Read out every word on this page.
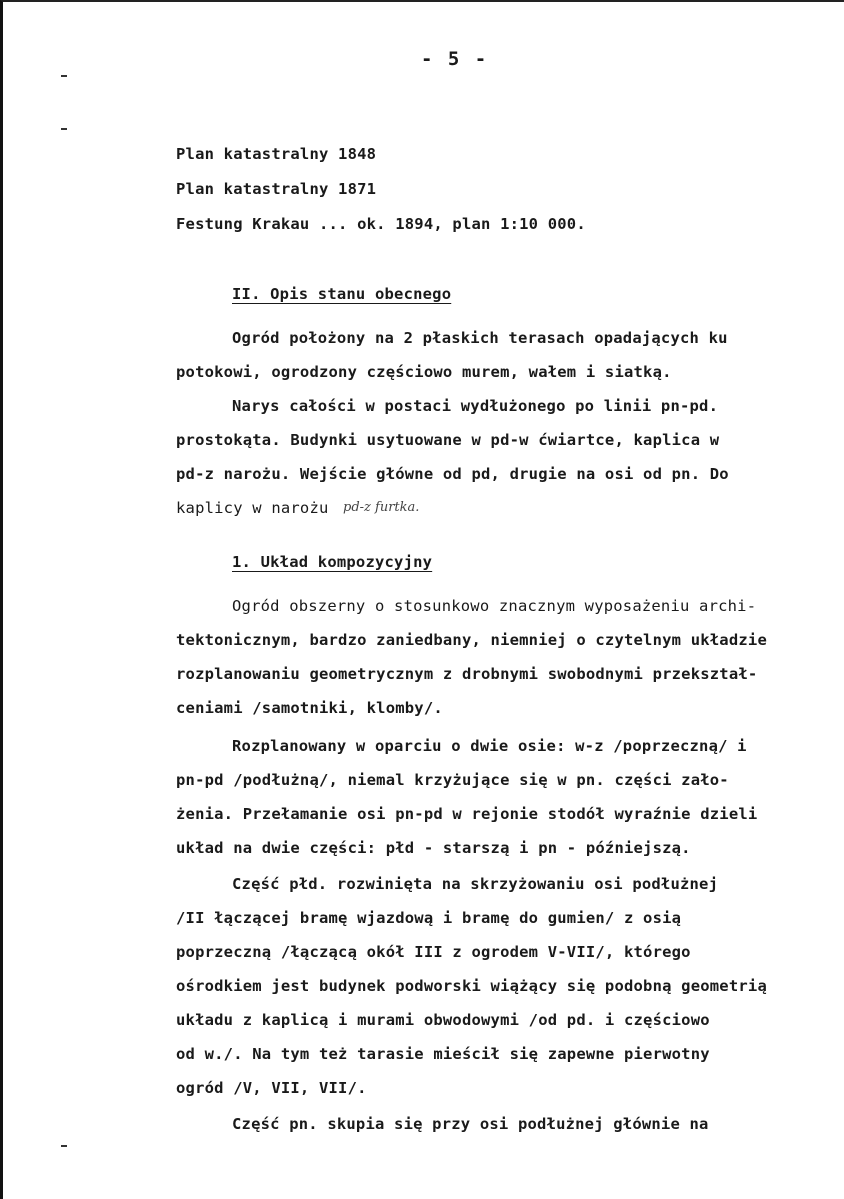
- 5 -
Plan katastralny 1848
Plan katastralny 1871
Festung Krakau ... ok. 1894, plan 1:10 000.
II. Opis stanu obecnego
Ogród położony na 2 płaskich terasach opadających ku
potokowi, ogrodzony częściowo murem, wałem i siatką.
Narys całości w postaci wydłużonego po linii pn-pd.
prostokąta. Budynki usytuowane w pd-w ćwiartce, kaplica w
pd-z narożu. Wejście główne od pd, drugie na osi od pn. Do
kaplicy w narożu pd-z furtka.
1. Układ kompozycyjny
Ogród obszerny o stosunkowo znacznym wyposażeniu archi-
tektonicznym, bardzo zaniedbany, niemniej o czytelnym układzie
rozplanowaniu geometrycznym z drobnymi swobodnymi przekształ-
ceniami /samotniki, klomby/.
Rozplanowany w oparciu o dwie osie: w-z /poprzeczną/ i
pn-pd /podłużną/, niemal krzyżujące się w pn. części zało-
żenia. Przełamanie osi pn-pd w rejonie stodół wyraźnie dzieli
układ na dwie części: płd - starszą i pn - późniejszą.
Część płd. rozwinięta na skrzyżowaniu osi podłużnej
/II łączącej bramę wjazdową i bramę do gumien/ z osią
poprzeczną /łączącą okół III z ogrodem V-VII/, którego
ośrodkiem jest budynek podworski wiążący się podobną geometrią
układu z kaplicą i murami obwodowymi /od pd. i częściowo
od w./. Na tym też tarasie mieścił się zapewne pierwotny
ogród /V, VII, VII/.
Część pn. skupia się przy osi podłużnej głównie na
